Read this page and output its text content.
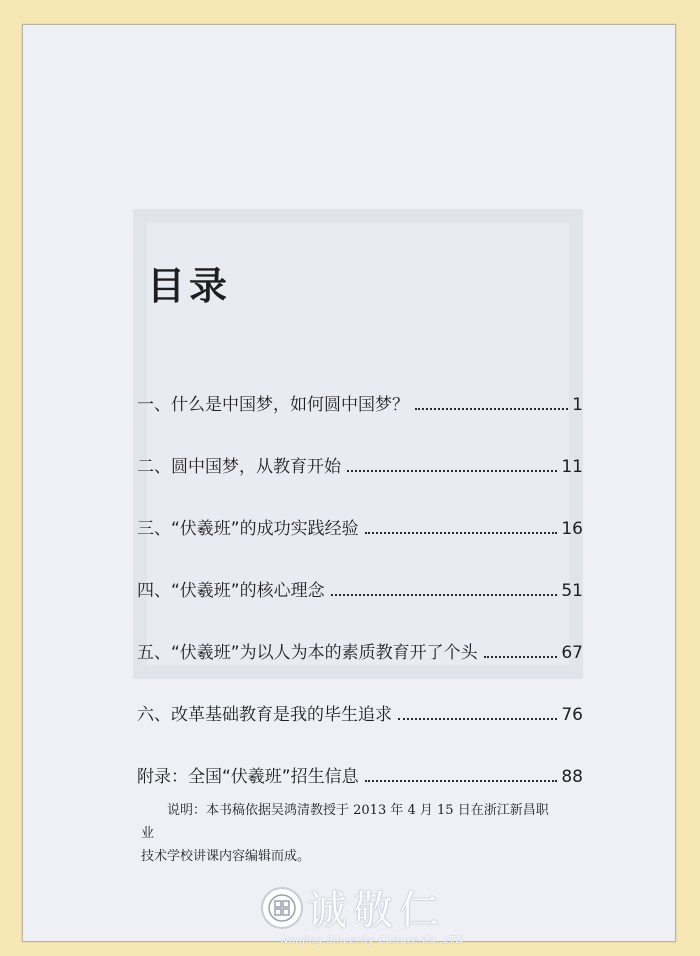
目录
一、什么是中国梦，如何圆中国梦？	1
二、圆中国梦，从教育开始	11
三、“伏羲班”的成功实践经验	16
四、“伏羲班”的核心理念	51
五、“伏羲班”为以人为本的素质教育开了个头	67
六、改革基础教育是我的毕生追求	76
附录：全国“伏羲班”招生信息	88

说明：本书稿依据吴鸿清教授于 2013 年 4 月 15 日在浙江新昌职业
技术学校讲课内容编辑而成。

诚敬仁
Nanjing Sincerity Culture Co.,LTD
